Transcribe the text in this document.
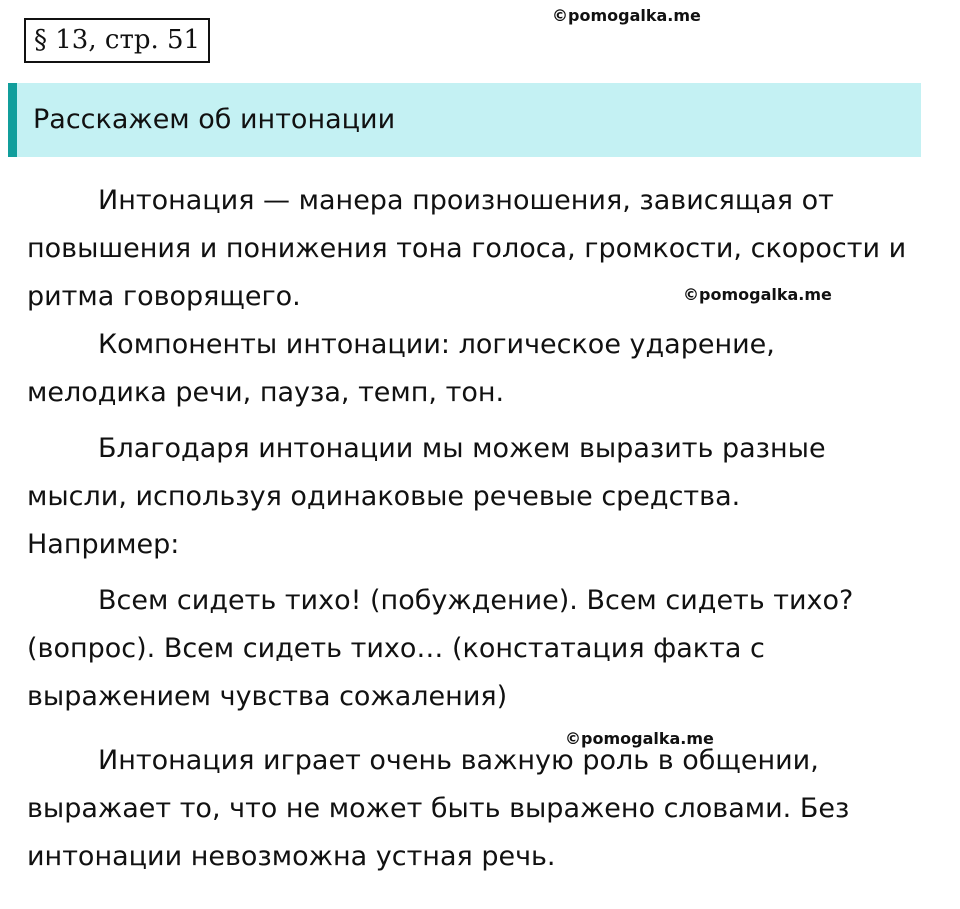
§ 13, стр. 51
©pomogalka.me
Расскажем об интонации
©pomogalka.me
©pomogalka.me

Интонация — манера произношения, зависящая от
повышения и понижения тона голоса, громкости, скорости и
ритма говорящего.

Компоненты интонации: логическое ударение,
мелодика речи, пауза, темп, тон.

Благодаря интонации мы можем выразить разные
мысли, используя одинаковые речевые средства.
Например:

Всем сидеть тихо! (побуждение). Всем сидеть тихо?
(вопрос). Всем сидеть тихо… (констатация факта с
выражением чувства сожаления)

Интонация играет очень важную роль в общении,
выражает то, что не может быть выражено словами. Без
интонации невозможна устная речь.
